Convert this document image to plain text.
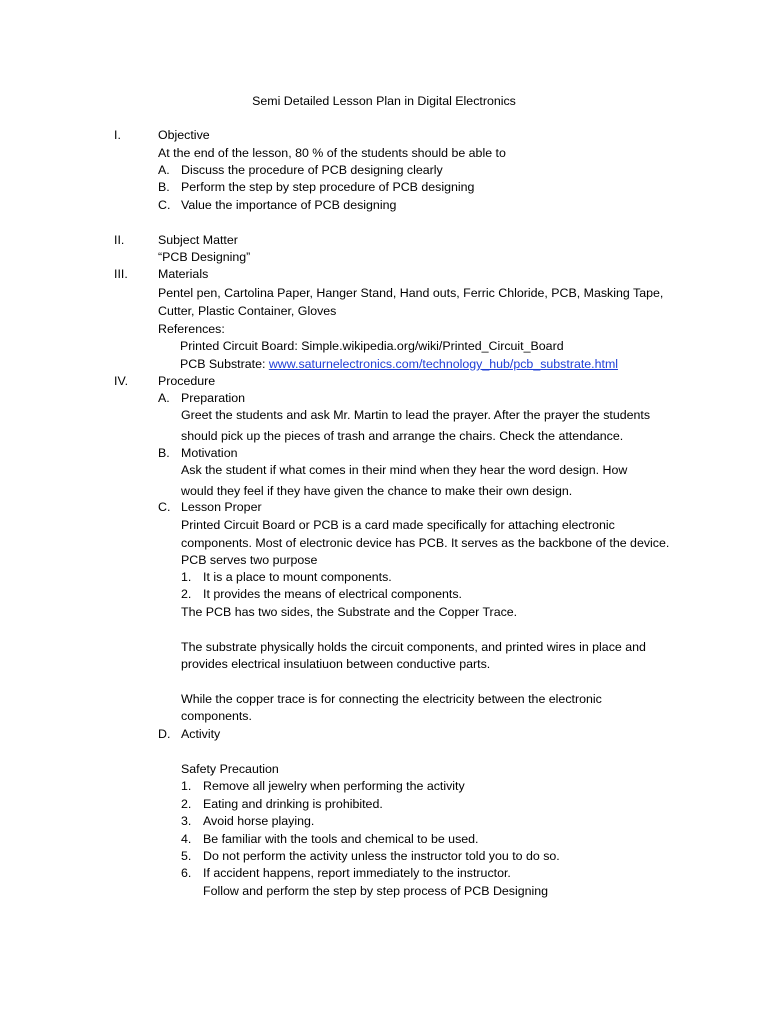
Semi Detailed Lesson Plan in Digital Electronics
I.	Objective
At the end of the lesson, 80 % of the students should be able to
A. Discuss the procedure of PCB designing clearly
B. Perform the step by step procedure of PCB designing
C. Value the importance of PCB designing
II.	Subject Matter
“PCB Designing”
III. Materials
Pentel pen, Cartolina Paper, Hanger Stand, Hand outs, Ferric Chloride, PCB, Masking Tape,
Cutter, Plastic Container, Gloves
References:
Printed Circuit Board: Simple.wikipedia.org/wiki/Printed_Circuit_Board
PCB Substrate: www.saturnelectronics.com/technology_hub/pcb_substrate.html
IV. Procedure
A. Preparation
Greet the students and ask Mr. Martin to lead the prayer. After the prayer the students
should pick up the pieces of trash and arrange the chairs. Check the attendance.
B. Motivation
Ask the student if what comes in their mind when they hear the word design. How
would they feel if they have given the chance to make their own design.
C. Lesson Proper
Printed Circuit Board or PCB is a card made specifically for attaching electronic
components. Most of electronic device has PCB. It serves as the backbone of the device.
PCB serves two purpose
1. It is a place to mount components.
2. It provides the means of electrical components.
The PCB has two sides, the Substrate and the Copper Trace.
The substrate physically holds the circuit components, and printed wires in place and
provides electrical insulatiuon between conductive parts.
While the copper trace is for connecting the electricity between the electronic
components.
D. Activity
Safety Precaution
1. Remove all jewelry when performing the activity
2. Eating and drinking is prohibited.
3. Avoid horse playing.
4. Be familiar with the tools and chemical to be used.
5. Do not perform the activity unless the instructor told you to do so.
6. If accident happens, report immediately to the instructor.
Follow and perform the step by step process of PCB Designing
